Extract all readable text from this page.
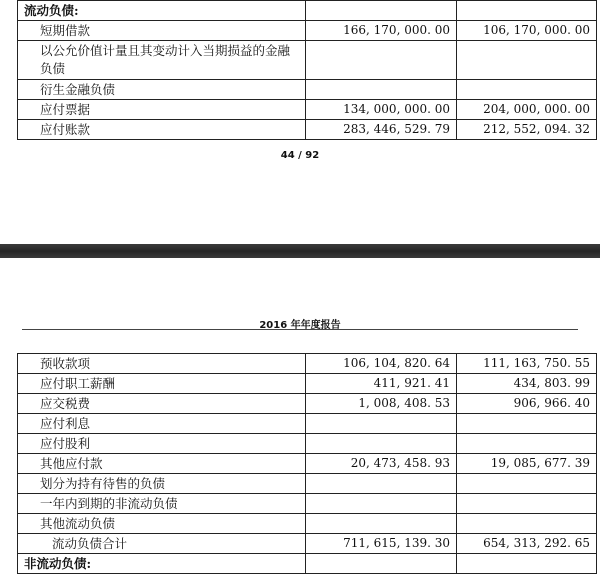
流动负债:		
短期借款	166, 170, 000. 00	106, 170, 000. 00
以公允价值计量且其变动计入当期损益的金融负债		
衍生金融负债		
应付票据	134, 000, 000. 00	204, 000, 000. 00
应付账款	283, 446, 529. 79	212, 552, 094. 32
44 / 92
2016 年年度报告
预收款项	106, 104, 820. 64	111, 163, 750. 55
应付职工薪酬	411, 921. 41	434, 803. 99
应交税费	1, 008, 408. 53	906, 966. 40
应付利息		
应付股利		
其他应付款	20, 473, 458. 93	19, 085, 677. 39
划分为持有待售的负债		
一年内到期的非流动负债		
其他流动负债		
流动负债合计	711, 615, 139. 30	654, 313, 292. 65
非流动负债:		
